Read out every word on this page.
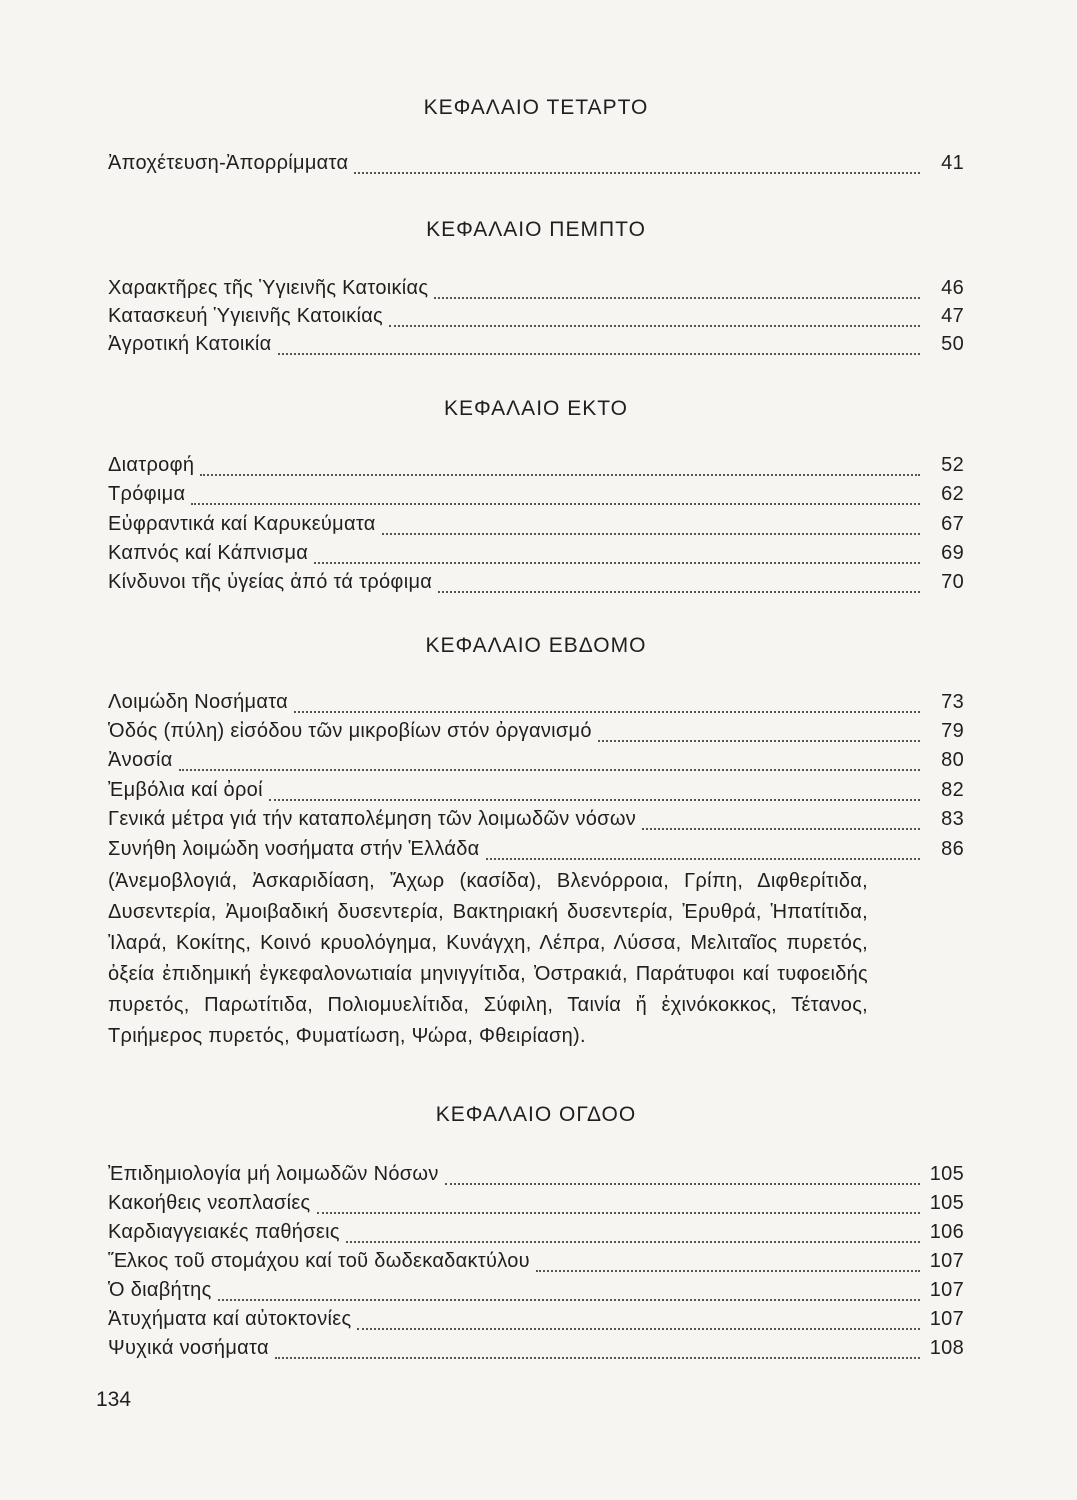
ΚΕΦΑΛΑΙΟ ΤΕΤΑΡΤΟ
Ἀποχέτευση-Ἀπορρίμματα	41
ΚΕΦΑΛΑΙΟ ΠΕΜΠΤΟ
Χαρακτῆρες τῆς Ὑγιεινῆς Κατοικίας	46
Κατασκευή Ὑγιεινῆς Κατοικίας	47
Ἀγροτική Κατοικία	50
ΚΕΦΑΛΑΙΟ ΕΚΤΟ
Διατροφή	52
Τρόφιμα	62
Εὐφραντικά καί Καρυκεύματα	67
Καπνός καί Κάπνισμα	69
Κίνδυνοι τῆς ὑγείας ἀπό τά τρόφιμα	70
ΚΕΦΑΛΑΙΟ ΕΒΔΟΜΟ
Λοιμώδη Νοσήματα	73
Ὁδός (πύλη) εἰσόδου τῶν μικροβίων στόν ὀργανισμό	79
Ἀνοσία	80
Ἐμβόλια καί ὀροί	82
Γενικά μέτρα γιά τήν καταπολέμηση τῶν λοιμωδῶν νόσων	83
Συνήθη λοιμώδη νοσήματα στήν Ἑλλάδα	86
(Ἀνεμοβλογιά, Ἀσκαριδίαση, Ἄχωρ (κασίδα), Βλενόρροια, Γρίπη, Διφθερίτιδα, Δυσεντερία, Ἀμοιβαδική δυσεντερία, Βακτηριακή δυσεντερία, Ἐρυθρά, Ἡπατίτιδα, Ἰλαρά, Κοκίτης, Κοινό κρυολόγημα, Κυνάγχη, Λέπρα, Λύσσα, Μελιταῖος πυρετός, ὀξεία ἐπιδημική ἐγκεφαλονωτιαία μηνιγγίτιδα, Ὀστρακιά, Παράτυφοι καί τυφοειδής πυρετός, Παρωτίτιδα, Πολιομυελίτιδα, Σύφιλη, Ταινία ἤ ἐχινόκοκκος, Τέτανος, Τριήμερος πυρετός, Φυματίωση, Ψώρα, Φθειρίαση).
ΚΕΦΑΛΑΙΟ ΟΓΔΟΟ
Ἐπιδημιολογία μή λοιμωδῶν Νόσων	105
Κακοήθεις νεοπλασίες	105
Καρδιαγγειακές παθήσεις	106
Ἕλκος τοῦ στομάχου καί τοῦ δωδεκαδακτύλου	107
Ὁ διαβήτης	107
Ἀτυχήματα καί αὐτοκτονίες	107
Ψυχικά νοσήματα	108
134
